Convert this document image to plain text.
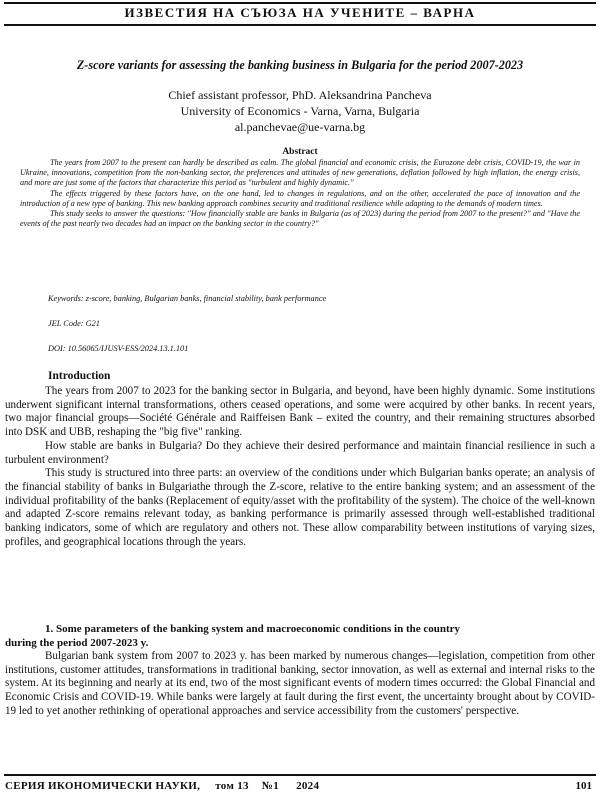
ИЗВЕСТИЯ НА СЪЮЗА НА УЧЕНИТЕ – ВАРНА
Z-score variants for assessing the banking business in Bulgaria for the period 2007-2023
Chief assistant professor, PhD. Aleksandrina Pancheva
University of Economics - Varna, Varna, Bulgaria
al.panchevae@ue-varna.bg
Abstract

The years from 2007 to the present can hardly be described as calm. The global financial and economic crisis, the Eurozone debt crisis, COVID-19, the war in Ukraine, innovations, competition from the non-banking sector, the preferences and attitudes of new generations, deflation followed by high inflation, the energy crisis, and more are just some of the factors that characterize this period as "turbulent and highly dynamic."

The effects triggered by these factors have, on the one hand, led to changes in regulations, and on the other, accelerated the pace of innovation and the introduction of a new type of banking. This new banking approach combines security and traditional resilience while adapting to the demands of modern times.

This study seeks to answer the questions: "How financially stable are banks in Bulgaria (as of 2023) during the period from 2007 to the present?" and "Have the events of the past nearly two decades had an impact on the banking sector in the country?"

Keywords: z-score, banking, Bulgarian banks, financial stability, bank performance
JEL Code: G21
DOI: 10.56065/IJUSV-ESS/2024.13.1.101
Introduction

The years from 2007 to 2023 for the banking sector in Bulgaria, and beyond, have been highly dynamic. Some institutions underwent significant internal transformations, others ceased operations, and some were acquired by other banks. In recent years, two major financial groups—Société Générale and Raiffeisen Bank – exited the country, and their remaining structures absorbed into DSK and UBB, reshaping the "big five" ranking.

How stable are banks in Bulgaria? Do they achieve their desired performance and maintain financial resilience in such a turbulent environment?

This study is structured into three parts: an overview of the conditions under which Bulgarian banks operate; an analysis of the financial stability of banks in Bulgariathe through the Z-score, relative to the entire banking system; and an assessment of the individual profitability of the banks (Replacement of equity/asset with the profitability of the system). The choice of the well-known and adapted Z-score remains relevant today, as banking performance is primarily assessed through well-established traditional banking indicators, some of which are regulatory and others not. These allow comparability between institutions of varying sizes, profiles, and geographical locations through the years.

1. Some parameters of the banking system and macroeconomic conditions in the country
during the period 2007-2023 y.

Bulgarian bank system from 2007 to 2023 y. has been marked by numerous changes—legislation, competition from other institutions, customer attitudes, transformations in traditional banking, sector innovation, as well as external and internal risks to the system. At its beginning and nearly at its end, two of the most significant events of modern times occurred: the Global Financial and Economic Crisis and COVID-19. While banks were largely at fault during the first event, the uncertainty brought about by COVID-19 led to yet another rethinking of operational approaches and service accessibility from the customers' perspective.

СЕРИЯ ИКОНОМИЧЕСКИ НАУКИ, том 13 №1 2024	101
